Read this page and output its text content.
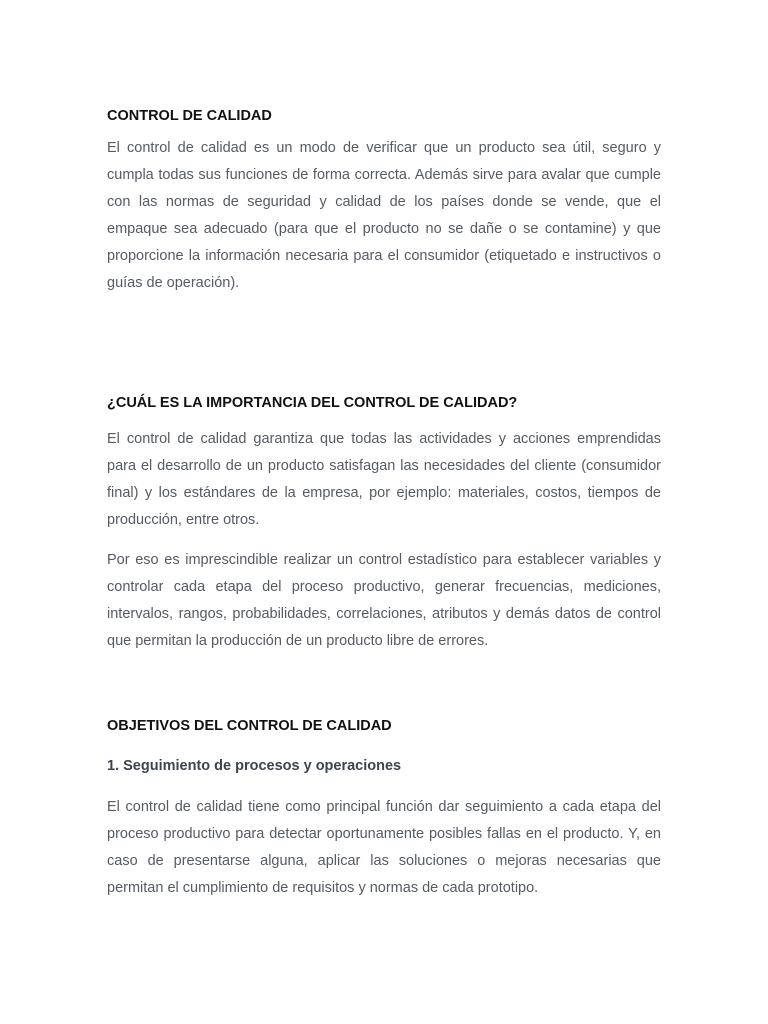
CONTROL DE CALIDAD

El control de calidad es un modo de verificar que un producto sea útil, seguro y cumpla todas sus funciones de forma correcta. Además sirve para avalar que cumple con las normas de seguridad y calidad de los países donde se vende, que el empaque sea adecuado (para que el producto no se dañe o se contamine) y que proporcione la información necesaria para el consumidor (etiquetado e instructivos o guías de operación).

¿CUÁL ES LA IMPORTANCIA DEL CONTROL DE CALIDAD?

El control de calidad garantiza que todas las actividades y acciones emprendidas para el desarrollo de un producto satisfagan las necesidades del cliente (consumidor final) y los estándares de la empresa, por ejemplo: materiales, costos, tiempos de producción, entre otros.

Por eso es imprescindible realizar un control estadístico para establecer variables y controlar cada etapa del proceso productivo, generar frecuencias, mediciones, intervalos, rangos, probabilidades, correlaciones, atributos y demás datos de control que permitan la producción de un producto libre de errores.

OBJETIVOS DEL CONTROL DE CALIDAD
1. Seguimiento de procesos y operaciones

El control de calidad tiene como principal función dar seguimiento a cada etapa del proceso productivo para detectar oportunamente posibles fallas en el producto. Y, en caso de presentarse alguna, aplicar las soluciones o mejoras necesarias que permitan el cumplimiento de requisitos y normas de cada prototipo.
